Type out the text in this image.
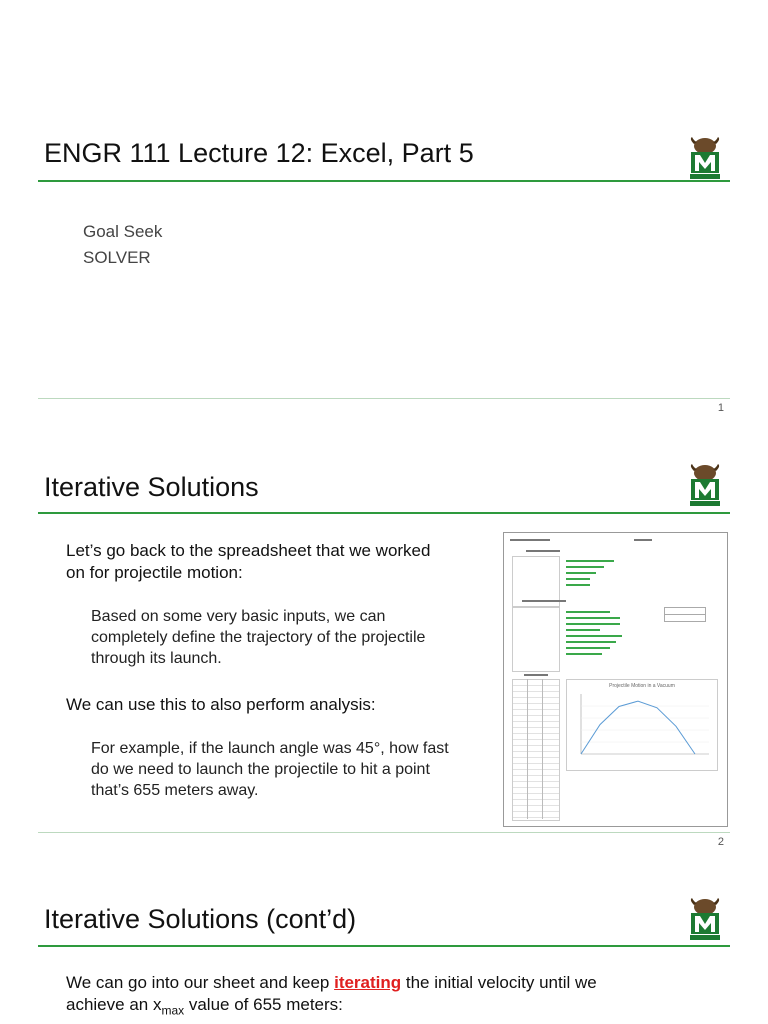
ENGR 111 Lecture 12: Excel, Part 5
Goal Seek
SOLVER
1
Iterative Solutions
Let’s go back to the spreadsheet that we worked
on for projectile motion:
Based on some very basic inputs, we can
completely define the trajectory of the projectile
through its launch.
We can use this to also perform analysis:
For example, if the launch angle was 45°, how fast
do we need to launch the projectile to hit a point
that’s 655 meters away.
Projectile Motion in a Vacuum
2
Iterative Solutions (cont’d)
We can go into our sheet and keep iterating the initial velocity until we
achieve an $x_{max}$ value of 655 meters:
